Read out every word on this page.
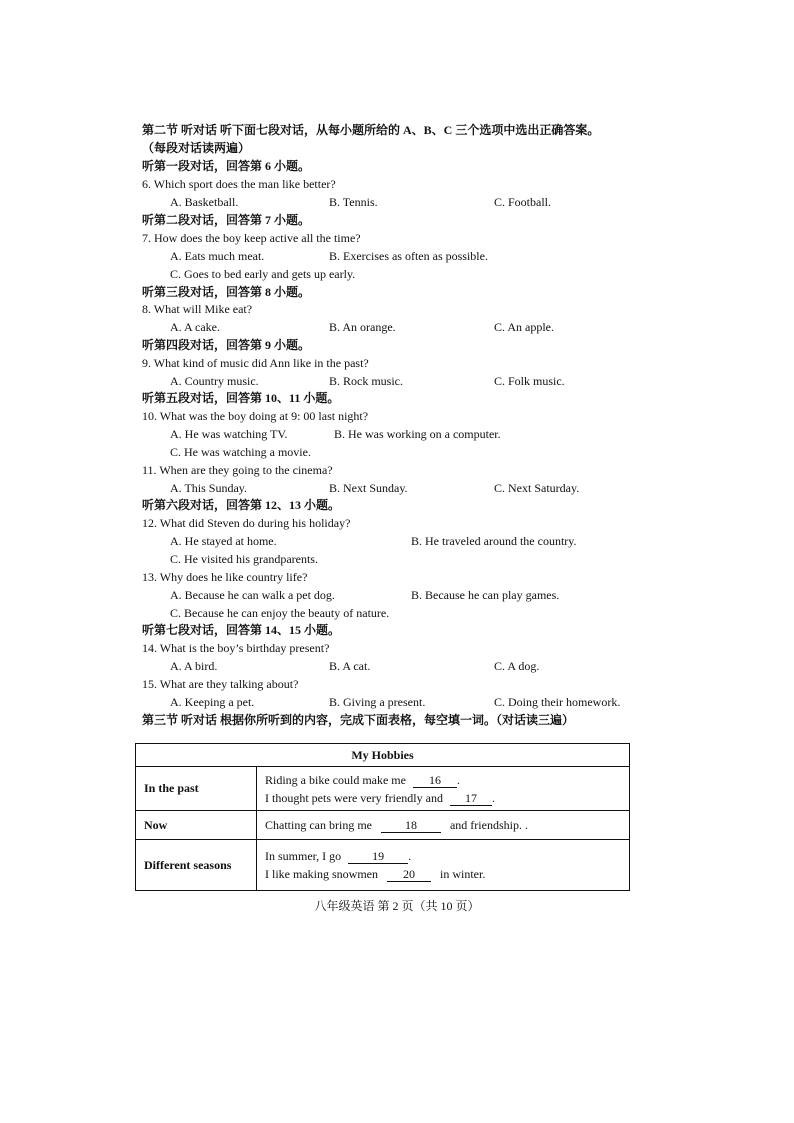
第二节 听对话 听下面七段对话，从每小题所给的 A、B、C 三个选项中选出正确答案。
（每段对话读两遍）
听第一段对话，回答第 6 小题。
6. Which sport does the man like better?
A. Basketball.	B. Tennis.	C. Football.
听第二段对话，回答第 7 小题。
7. How does the boy keep active all the time?
A. Eats much meat.	B. Exercises as often as possible.
C. Goes to bed early and gets up early.
听第三段对话，回答第 8 小题。
8. What will Mike eat?
A. A cake.	B. An orange.	C. An apple.
听第四段对话，回答第 9 小题。
9. What kind of music did Ann like in the past?
A. Country music.	B. Rock music.	C. Folk music.
听第五段对话，回答第 10、11 小题。
10. What was the boy doing at 9: 00 last night?
A. He was watching TV.	B. He was working on a computer.
C. He was watching a movie.
11. When are they going to the cinema?
A. This Sunday.	B. Next Sunday.	C. Next Saturday.
听第六段对话，回答第 12、13 小题。
12. What did Steven do during his holiday?
A. He stayed at home.	B. He traveled around the country.
C. He visited his grandparents.
13. Why does he like country life?
A. Because he can walk a pet dog.	B. Because he can play games.
C. Because he can enjoy the beauty of nature.
听第七段对话，回答第 14、15 小题。
14. What is the boy’s birthday present?
A. A bird.	B. A cat.	C. A dog.
15. What are they talking about?
A. Keeping a pet.	B. Giving a present.	C. Doing their homework.
第三节 听对话 根据你所听到的内容，完成下面表格，每空填一词。（对话读三遍）
My Hobbies	
In the past	Riding a bike could make me 16 .
I thought pets were very friendly and 17 .

Now	Chatting can bring me 18 and friendship. .

Different seasons	In summer, I go 19 .
I like making snowmen 20 in winter.
八年级英语 第 2 页（共 10 页）
